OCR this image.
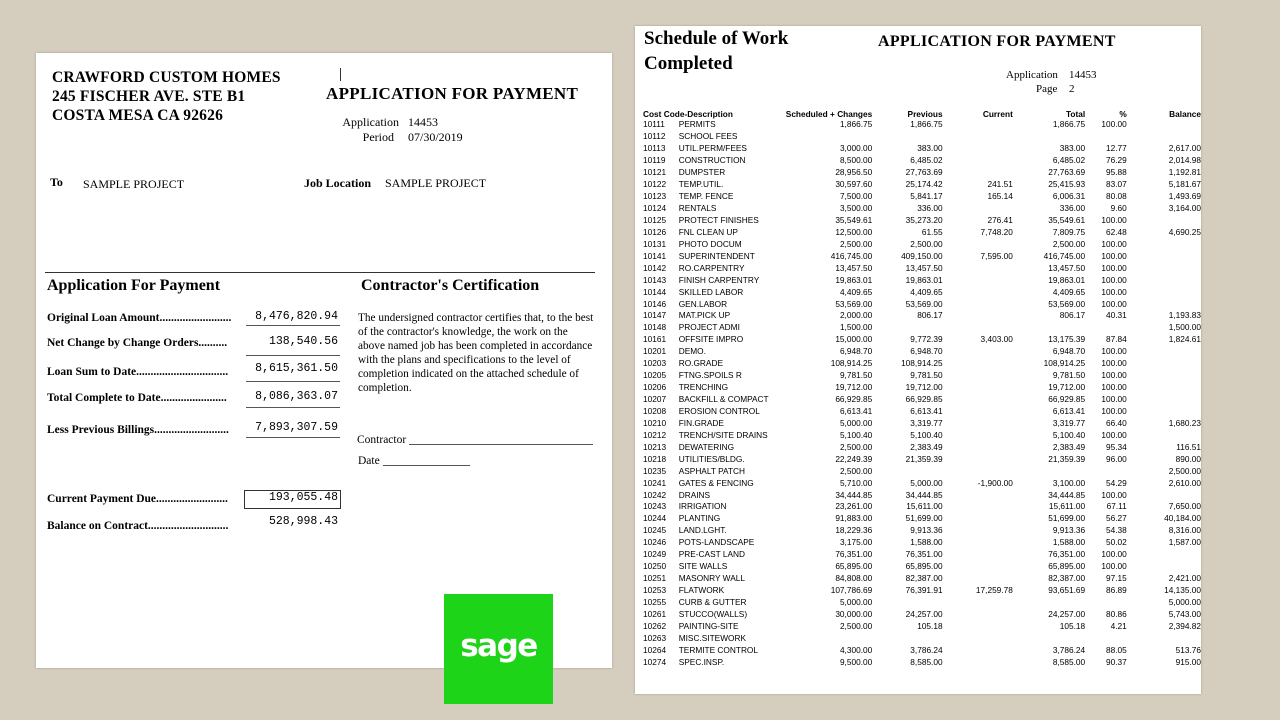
CRAWFORD CUSTOM HOMES
245 FISCHER AVE. STE B1
COSTA MESA CA 92626
APPLICATION FOR PAYMENT
Application 14453
Period 07/30/2019
To SAMPLE PROJECT	Job Location SAMPLE PROJECT
Application For Payment	Contractor's Certification
Original Loan Amount.........................	8,476,820.94
Net Change by Change Orders..........	138,540.56
Loan Sum to Date................................	8,615,361.50
Total Complete to Date.......................	8,086,363.07
Less Previous Billings..........................	7,893,307.59
Current Payment Due.........................	193,055.48
Balance on Contract............................	528,998.43
The undersigned contractor certifies that, to the best of the contractor's knowledge, the work on the above named job has been completed in accordance with the plans and specifications to the level of completion indicated on the attached schedule of completion.
Contractor
Date
sage
Schedule of Work
Completed
APPLICATION FOR PAYMENT
Application 14453
Page 2
Cost Code-Description		Scheduled + Changes	Previous	Current	Total	%	Balance
10111	PERMITS	1,866.75	1,866.75		1,866.75	100.00	
10112	SCHOOL FEES						
10113	UTIL.PERM/FEES	3,000.00	383.00		383.00	12.77	2,617.00
10119	CONSTRUCTION	8,500.00	6,485.02		6,485.02	76.29	2,014.98
10121	DUMPSTER	28,956.50	27,763.69		27,763.69	95.88	1,192.81
10122	TEMP.UTIL.	30,597.60	25,174.42	241.51	25,415.93	83.07	5,181.67
10123	TEMP. FENCE	7,500.00	5,841.17	165.14	6,006.31	80.08	1,493.69
10124	RENTALS	3,500.00	336.00		336.00	9.60	3,164.00
10125	PROTECT FINISHES	35,549.61	35,273.20	276.41	35,549.61	100.00	
10126	FNL CLEAN UP	12,500.00	61.55	7,748.20	7,809.75	62.48	4,690.25
10131	PHOTO DOCUM	2,500.00	2,500.00		2,500.00	100.00	
10141	SUPERINTENDENT	416,745.00	409,150.00	7,595.00	416,745.00	100.00	
10142	RO.CARPENTRY	13,457.50	13,457.50		13,457.50	100.00	
10143	FINISH CARPENTRY	19,863.01	19,863.01		19,863.01	100.00	
10144	SKILLED LABOR	4,409.65	4,409.65		4,409.65	100.00	
10146	GEN.LABOR	53,569.00	53,569.00		53,569.00	100.00	
10147	MAT.PICK UP	2,000.00	806.17		806.17	40.31	1,193.83
10148	PROJECT ADMI	1,500.00					1,500.00
10161	OFFSITE IMPRO	15,000.00	9,772.39	3,403.00	13,175.39	87.84	1,824.61
10201	DEMO.	6,948.70	6,948.70		6,948.70	100.00	
10203	RO.GRADE	108,914.25	108,914.25		108,914.25	100.00	
10205	FTNG.SPOILS R	9,781.50	9,781.50		9,781.50	100.00	
10206	TRENCHING	19,712.00	19,712.00		19,712.00	100.00	
10207	BACKFILL & COMPACT	66,929.85	66,929.85		66,929.85	100.00	
10208	EROSION CONTROL	6,613.41	6,613.41		6,613.41	100.00	
10210	FIN.GRADE	5,000.00	3,319.77		3,319.77	66.40	1,680.23
10212	TRENCH/SITE DRAINS	5,100.40	5,100.40		5,100.40	100.00	
10213	DEWATERING	2,500.00	2,383.49		2,383.49	95.34	116.51
10218	UTILITIES/BLDG.	22,249.39	21,359.39		21,359.39	96.00	890.00
10235	ASPHALT PATCH	2,500.00					2,500.00
10241	GATES & FENCING	5,710.00	5,000.00	-1,900.00	3,100.00	54.29	2,610.00
10242	DRAINS	34,444.85	34,444.85		34,444.85	100.00	
10243	IRRIGATION	23,261.00	15,611.00		15,611.00	67.11	7,650.00
10244	PLANTING	91,883.00	51,699.00		51,699.00	56.27	40,184.00
10245	LAND.LGHT.	18,229.36	9,913.36		9,913.36	54.38	8,316.00
10246	POTS-LANDSCAPE	3,175.00	1,588.00		1,588.00	50.02	1,587.00
10249	PRE-CAST LAND	76,351.00	76,351.00		76,351.00	100.00	
10250	SITE WALLS	65,895.00	65,895.00		65,895.00	100.00	
10251	MASONRY WALL	84,808.00	82,387.00		82,387.00	97.15	2,421.00
10253	FLATWORK	107,786.69	76,391.91	17,259.78	93,651.69	86.89	14,135.00
10255	CURB & GUTTER	5,000.00					5,000.00
10261	STUCCO(WALLS)	30,000.00	24,257.00		24,257.00	80.86	5,743.00
10262	PAINTING-SITE	2,500.00	105.18		105.18	4.21	2,394.82
10263	MISC.SITEWORK						
10264	TERMITE CONTROL	4,300.00	3,786.24		3,786.24	88.05	513.76
10274	SPEC.INSP.	9,500.00	8,585.00		8,585.00	90.37	915.00
